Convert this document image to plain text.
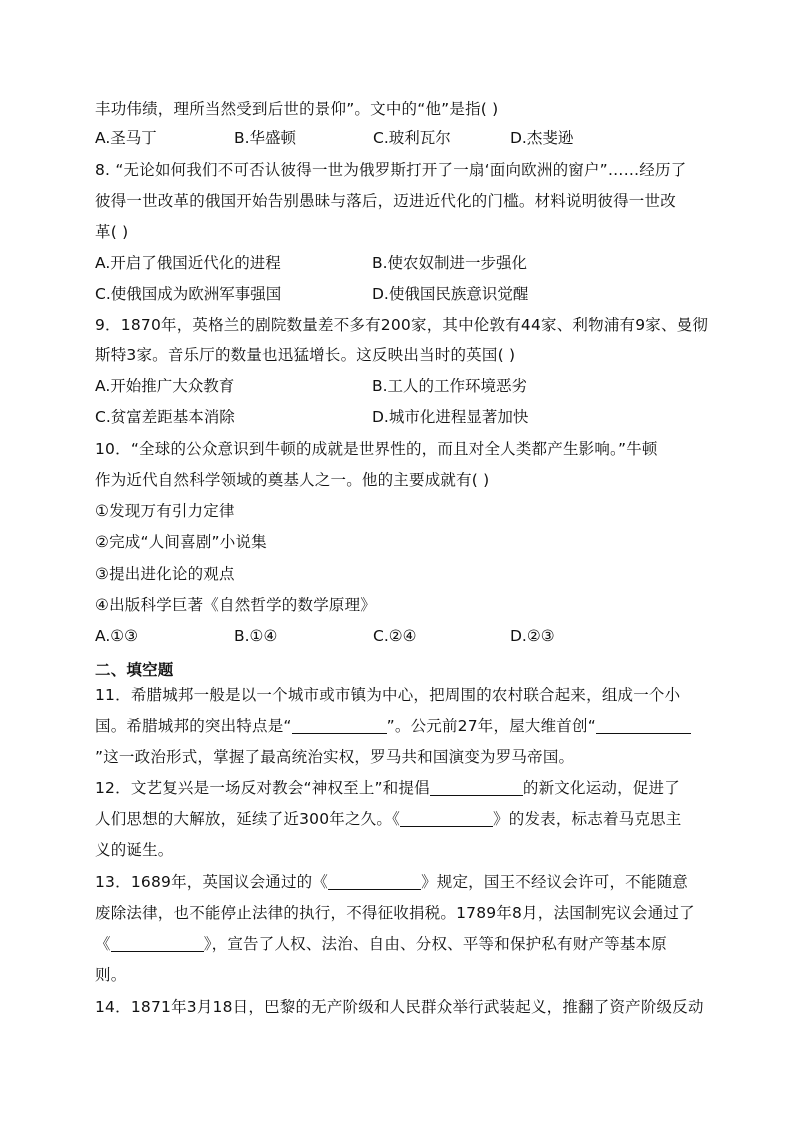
丰功伟绩，理所当然受到后世的景仰”。文中的“他”是指( )
A.圣马丁	B.华盛顿	C.玻利瓦尔	D.杰斐逊
8. “无论如何我们不可否认彼得一世为俄罗斯打开了一扇‘面向欧洲的窗户”……经历了
彼得一世改革的俄国开始告别愚昧与落后，迈进近代化的门槛。材料说明彼得一世改
革( )
A.开启了俄国近代化的进程	B.使农奴制进一步强化
C.使俄国成为欧洲军事强国	D.使俄国民族意识觉醒
9．1870年，英格兰的剧院数量差不多有200家，其中伦敦有44家、利物浦有9家、曼彻
斯特3家。音乐厅的数量也迅猛增长。这反映出当时的英国( )
A.开始推广大众教育	B.工人的工作环境恶劣
C.贫富差距基本消除	D.城市化进程显著加快
10．“全球的公众意识到牛顿的成就是世界性的，而且对全人类都产生影响。”牛顿
作为近代自然科学领域的奠基人之一。他的主要成就有( )
①发现万有引力定律
②完成“人间喜剧”小说集
③提出进化论的观点
④出版科学巨著《自然哲学的数学原理》
A.①③	B.①④	C.②④	D.②③
二、填空题
11．希腊城邦一般是以一个城市或市镇为中心，把周围的农村联合起来，组成一个小
国。希腊城邦的突出特点是“	”。公元前27年，屋大维首创“
”这一政治形式，掌握了最高统治实权，罗马共和国演变为罗马帝国。
12．文艺复兴是一场反对教会“神权至上”和提倡	的新文化运动，促进了
人们思想的大解放，延续了近300年之久。《	》的发表，标志着马克思主
义的诞生。
13．1689年，英国议会通过的《	》规定，国王不经议会许可，不能随意
废除法律，也不能停止法律的执行，不得征收捐税。1789年8月，法国制宪议会通过了
《	》，宣告了人权、法治、自由、分权、平等和保护私有财产等基本原
则。
14．1871年3月18日，巴黎的无产阶级和人民群众举行武装起义，推翻了资产阶级反动
